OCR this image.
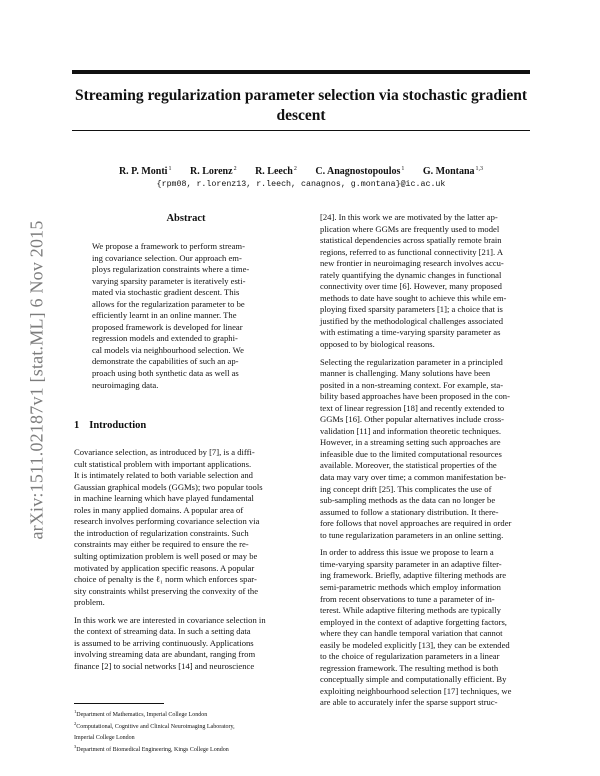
Streaming regularization parameter selection via stochastic gradient
descent
R. P. Monti$^1$ R. Lorenz$^2$ R. Leech$^2$ C. Anagnostopoulos$^1$ G. Montana$^{1,3}$
{rpm08, r.lorenz13, r.leech, canagnos, g.montana}@ic.ac.uk
arXiv:1511.02187v1 [stat.ML] 6 Nov 2015
Abstract
We propose a framework to perform stream-
ing covariance selection. Our approach em-
ploys regularization constraints where a time-
varying sparsity parameter is iteratively esti-
mated via stochastic gradient descent. This
allows for the regularization parameter to be
efficiently learnt in an online manner. The
proposed framework is developed for linear
regression models and extended to graphi-
cal models via neighbourhood selection. We
demonstrate the capabilities of such an ap-
proach using both synthetic data as well as
neuroimaging data.
1 Introduction
Covariance selection, as introduced by [7], is a diffi-
cult statistical problem with important applications.
It is intimately related to both variable selection and
Gaussian graphical models (GGMs); two popular tools
in machine learning which have played fundamental
roles in many applied domains. A popular area of
research involves performing covariance selection via
the introduction of regularization constraints. Such
constraints may either be required to ensure the re-
sulting optimization problem is well posed or may be
motivated by application specific reasons. A popular
choice of penalty is the ℓ₁ norm which enforces spar-
sity constraints whilst preserving the convexity of the
problem.
In this work we are interested in covariance selection in
the context of streaming data. In such a setting data
is assumed to be arriving continuously. Applications
involving streaming data are abundant, ranging from
finance [2] to social networks [14] and neuroscience
$^1$Department of Mathematics, Imperial College London
$^2$Computational, Cognitive and Clinical Neuroimaging Laboratory,
Imperial College London
$^3$Department of Biomedical Engineering, Kings College London
[24]. In this work we are motivated by the latter ap-
plication where GGMs are frequently used to model
statistical dependencies across spatially remote brain
regions, referred to as functional connectivity [21]. A
new frontier in neuroimaging research involves accu-
rately quantifying the dynamic changes in functional
connectivity over time [6]. However, many proposed
methods to date have sought to achieve this while em-
ploying fixed sparsity parameters [1]; a choice that is
justified by the methodological challenges associated
with estimating a time-varying sparsity parameter as
opposed to by biological reasons.
Selecting the regularization parameter in a principled
manner is challenging. Many solutions have been
posited in a non-streaming context. For example, sta-
bility based approaches have been proposed in the con-
text of linear regression [18] and recently extended to
GGMs [16]. Other popular alternatives include cross-
validation [11] and information theoretic techniques.
However, in a streaming setting such approaches are
infeasible due to the limited computational resources
available. Moreover, the statistical properties of the
data may vary over time; a common manifestation be-
ing concept drift [25]. This complicates the use of
sub-sampling methods as the data can no longer be
assumed to follow a stationary distribution. It there-
fore follows that novel approaches are required in order
to tune regularization parameters in an online setting.
In order to address this issue we propose to learn a
time-varying sparsity parameter in an adaptive filter-
ing framework. Briefly, adaptive filtering methods are
semi-parametric methods which employ information
from recent observations to tune a parameter of in-
terest. While adaptive filtering methods are typically
employed in the context of adaptive forgetting factors,
where they can handle temporal variation that cannot
easily be modeled explicitly [13], they can be extended
to the choice of regularization parameters in a linear
regression framework. The resulting method is both
conceptually simple and computationally efficient. By
exploiting neighbourhood selection [17] techniques, we
are able to accurately infer the sparse support struc-
